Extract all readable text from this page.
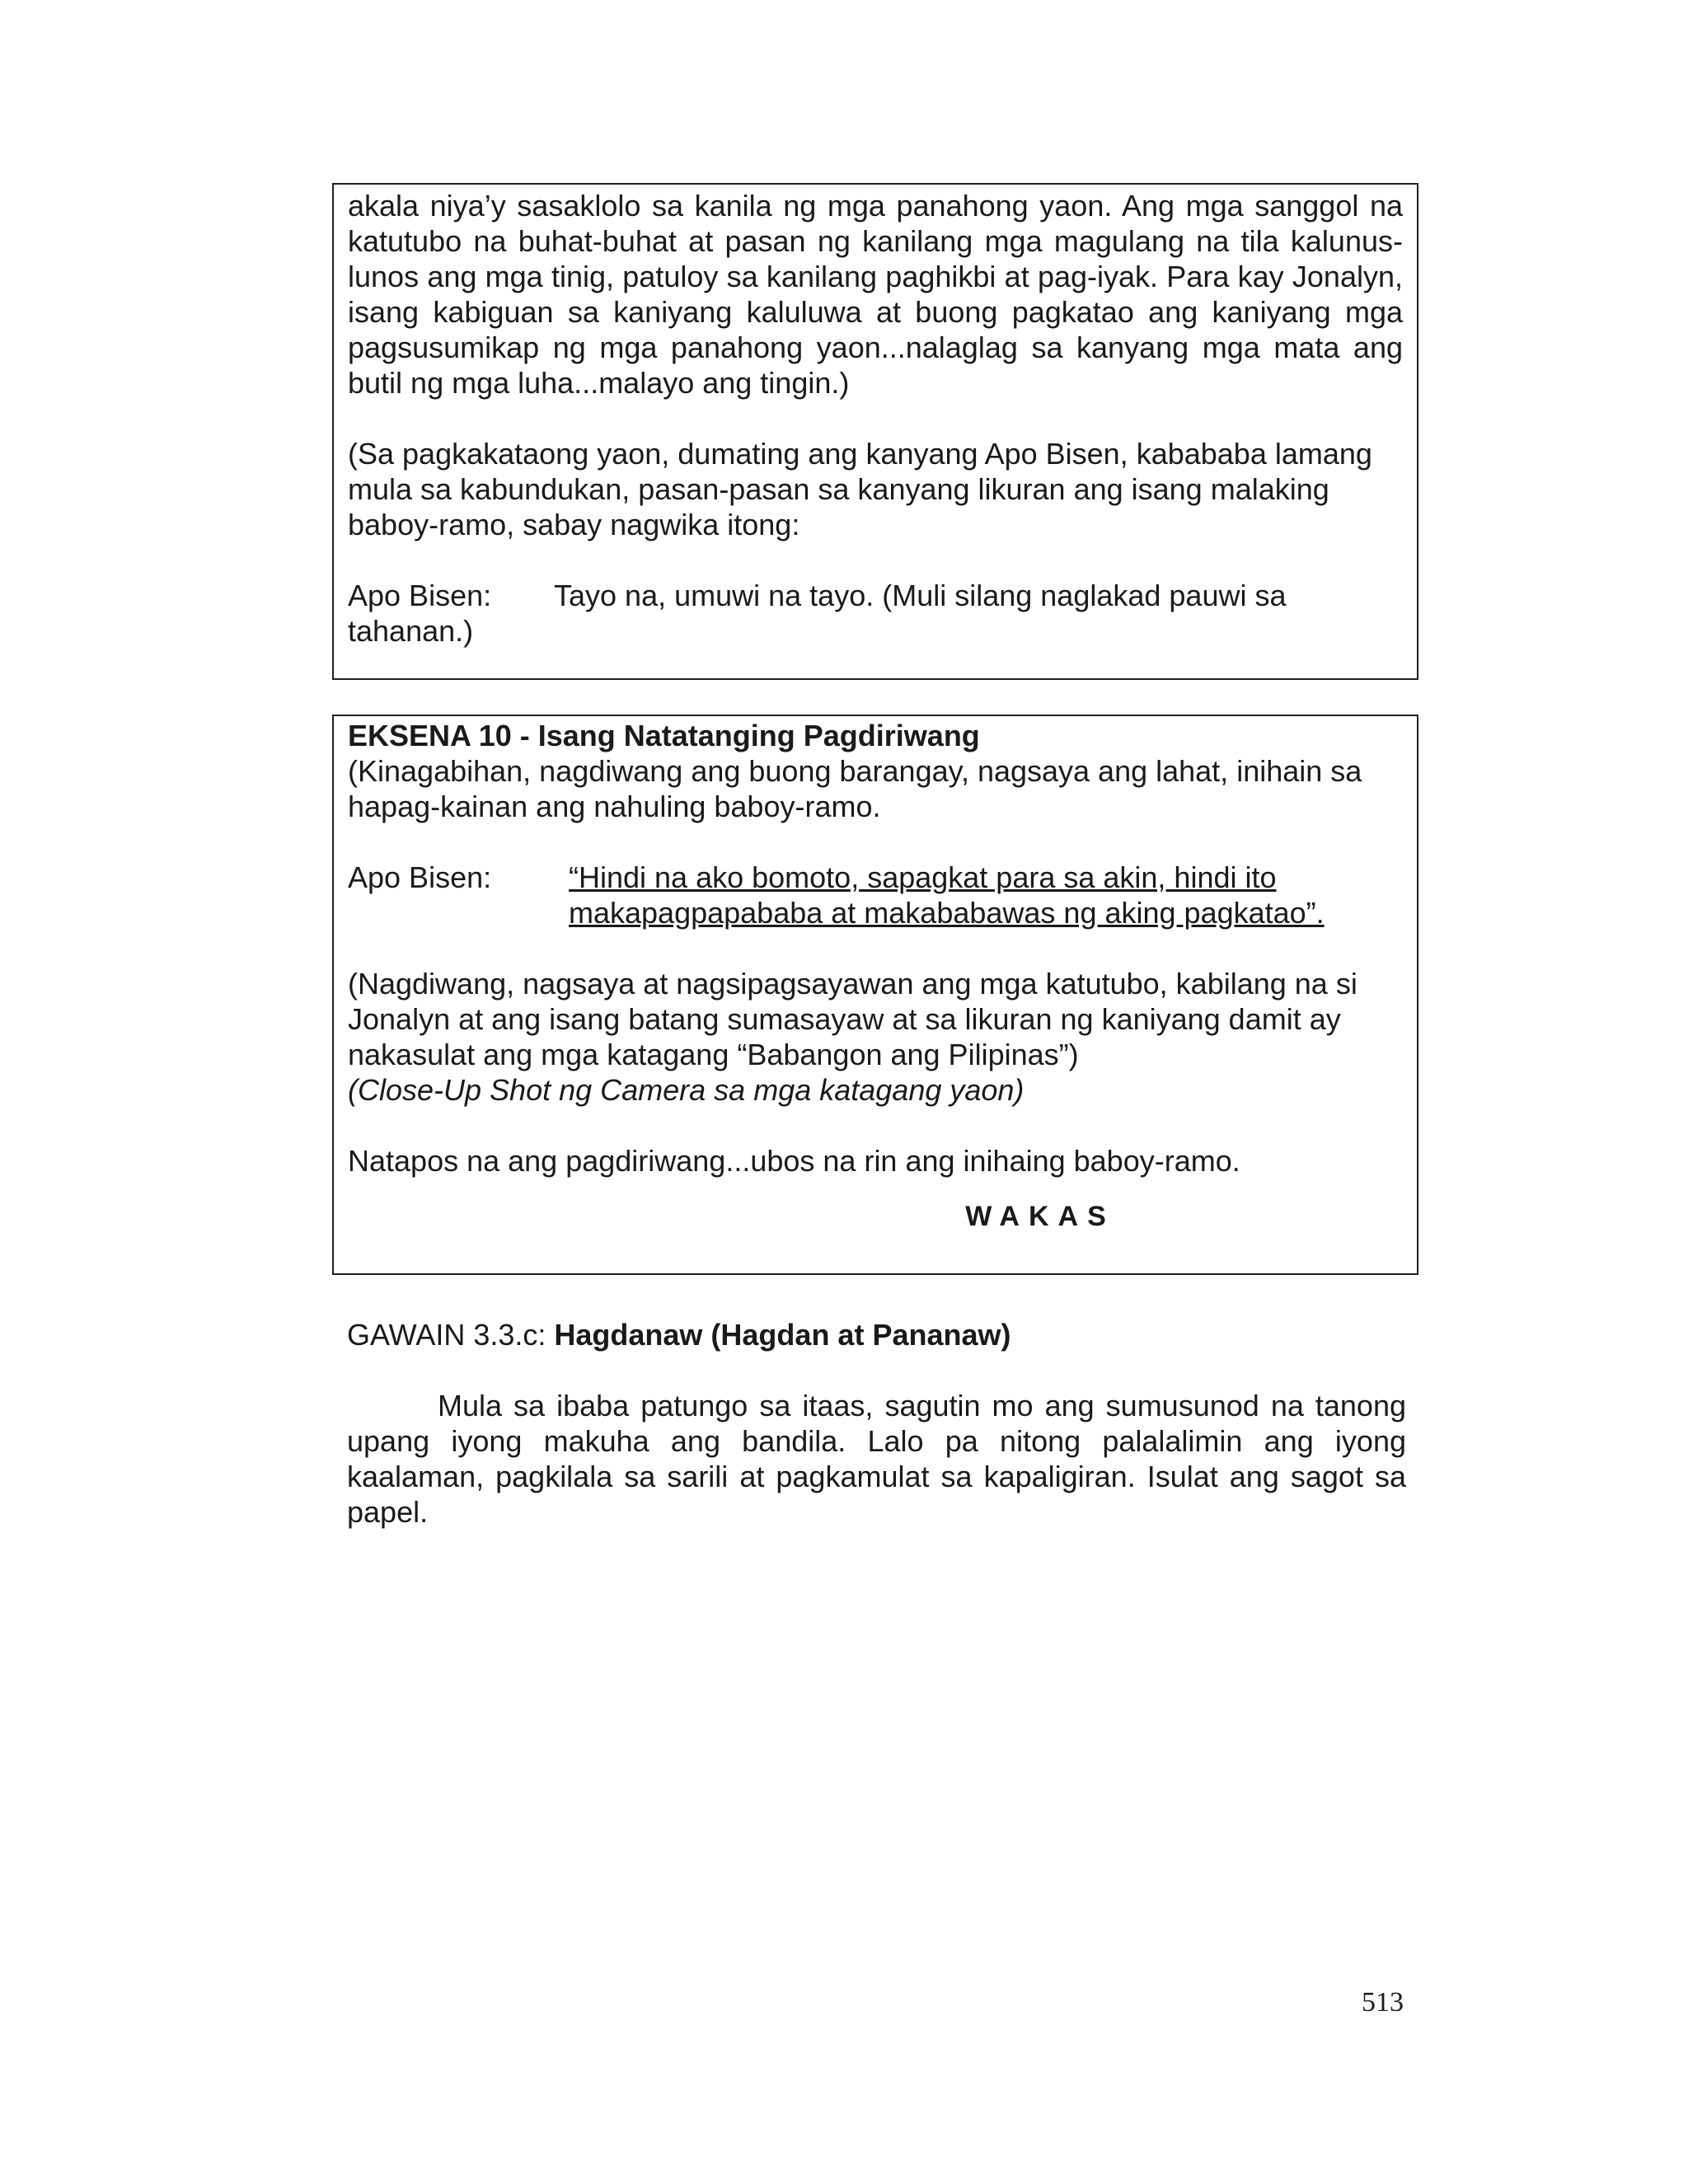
akala niya’y sasaklolo sa kanila ng mga panahong yaon. Ang mga sanggol na katutubo na buhat-buhat at pasan ng kanilang mga magulang na tila kalunus-lunos ang mga tinig, patuloy sa kanilang paghikbi at pag-iyak. Para kay Jonalyn, isang kabiguan sa kaniyang kaluluwa at buong pagkatao ang kaniyang mga pagsusumikap ng mga panahong yaon...nalaglag sa kanyang mga mata ang butil ng mga luha...malayo ang tingin.)

(Sa pagkakataong yaon, dumating ang kanyang Apo Bisen, kabababa lamang mula sa kabundukan, pasan-pasan sa kanyang likuran ang isang malaking baboy-ramo, sabay nagwika itong:

Apo Bisen:	Tayo na, umuwi na tayo. (Muli silang naglakad pauwi sa
tahanan.)

EKSENA 10 - Isang Natatanging Pagdiriwang

(Kinagabihan, nagdiwang ang buong barangay, nagsaya ang lahat, inihain sa hapag-kainan ang nahuling baboy-ramo.

Apo Bisen:	“Hindi na ako bomoto, sapagkat para sa akin, hindi ito makapagpapababa at makababawas ng aking pagkatao”.

(Nagdiwang, nagsaya at nagsipagsayawan ang mga katutubo, kabilang na si Jonalyn at ang isang batang sumasayaw at sa likuran ng kaniyang damit ay nakasulat ang mga katagang “Babangon ang Pilipinas”)

(Close-Up Shot ng Camera sa mga katagang yaon)

Natapos na ang pagdiriwang...ubos na rin ang inihaing baboy-ramo.

WAKAS

GAWAIN 3.3.c: Hagdanaw (Hagdan at Pananaw)

Mula sa ibaba patungo sa itaas, sagutin mo ang sumusunod na tanong upang iyong makuha ang bandila. Lalo pa nitong palalalimin ang iyong kaalaman, pagkilala sa sarili at pagkamulat sa kapaligiran. Isulat ang sagot sa papel.

513
